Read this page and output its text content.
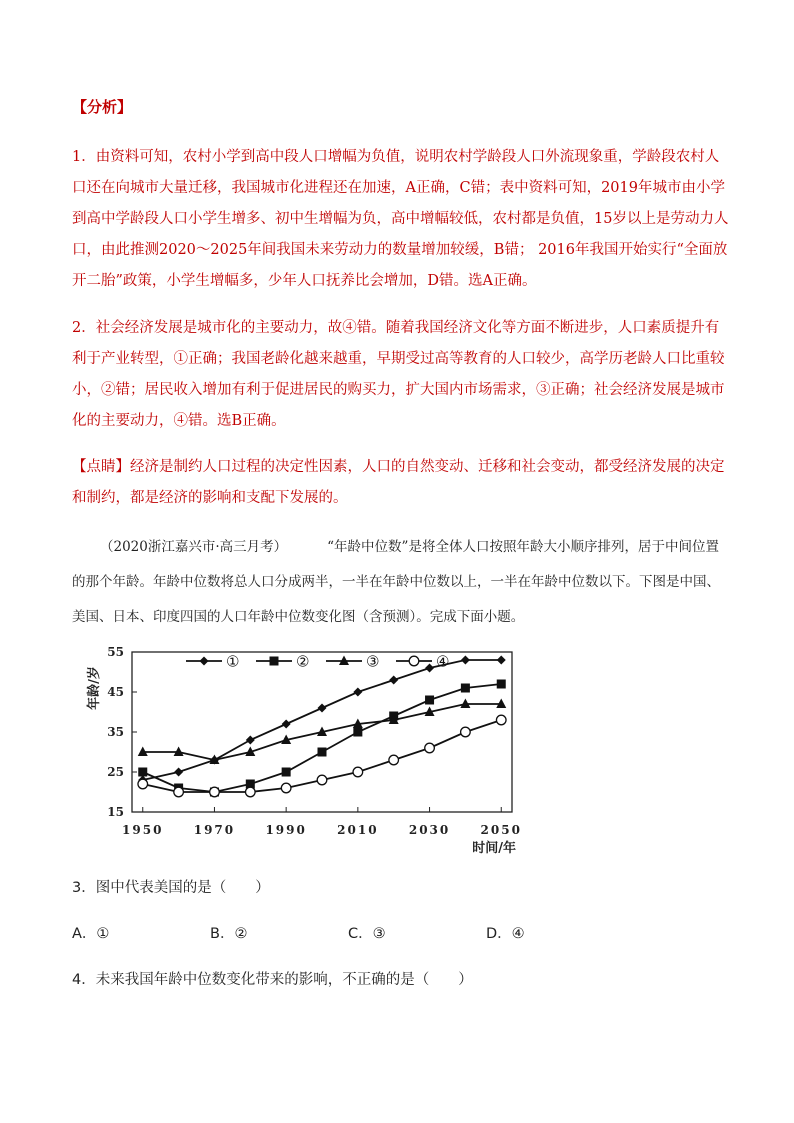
【分析】
1．由资料可知，农村小学到高中段人口增幅为负值，说明农村学龄段人口外流现象重，学龄段农村人口还在向城市大量迁移，我国城市化进程还在加速，A正确，C错；表中资料可知，2019年城市由小学到高中学龄段人口小学生增多、初中生增幅为负，高中增幅较低，农村都是负值，15岁以上是劳动力人口，由此推测2020～2025年间我国未来劳动力的数量增加较缓，B错； 2016年我国开始实行“全面放开二胎”政策，小学生增幅多，少年人口抚养比会增加，D错。选A正确。
2．社会经济发展是城市化的主要动力，故④错。随着我国经济文化等方面不断进步，人口素质提升有利于产业转型，①正确；我国老龄化越来越重，早期受过高等教育的人口较少，高学历老龄人口比重较小，②错；居民收入增加有利于促进居民的购买力，扩大国内市场需求，③正确；社会经济发展是城市化的主要动力，④错。选B正确。
【点睛】经济是制约人口过程的决定性因素，人口的自然变动、迁移和社会变动，都受经济发展的决定和制约，都是经济的影响和支配下发展的。
（2020浙江嘉兴市·高三月考）	“年龄中位数”是将全体人口按照年龄大小顺序排列，居于中间位置的那个年龄。年龄中位数将总人口分成两半，一半在年龄中位数以上，一半在年龄中位数以下。下图是中国、美国、日本、印度四国的人口年龄中位数变化图（含预测）。完成下面小题。
15
25
35
45
55
1950	1970	1990	2010	2030	2050
年龄/岁
时间/年
①	②	③	④
3．图中代表美国的是（　　）
A．①	B．②	C．③	D．④
4．未来我国年龄中位数变化带来的影响，不正确的是（　　）
